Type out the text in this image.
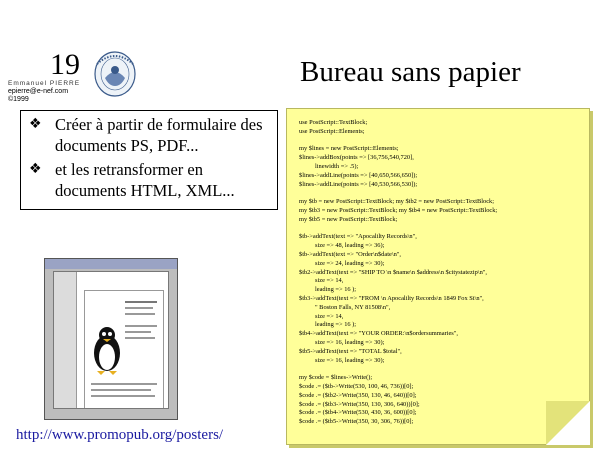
19
Emmanuel PIERRE
epierre@e-nef.com
©1999
Bureau sans papier
❖ Créer à partir de formulaire des documents PS, PDF...
❖ et les retransformer en documents HTML, XML...
http://www.promopub.org/posters/
use PostScript::TextBlock;
use PostScript::Elements;

my $lines = new PostScript::Elements;
$lines->addBox(points => [36,756,540,720],
linewidth => .5);
$lines->addLine(points => [40,650,566,650]);
$lines->addLine(points => [40,530,566,530]);

my $tb = new PostScript::TextBlock; my $tb2 = new PostScript::TextBlock;
my $tb3 = new PostScript::TextBlock; my $tb4 = new PostScript::TextBlock;
my $tb5 = new PostScript::TextBlock;

$tb->addText(text => "Apocalilty Records\n",
size => 48, leading => 36);
$tb->addText(text => "Order\n$date\n",
size => 24, leading => 30);
$tb2->addText(text => "SHIP TO \n $name\n $address\n $citystatezip\n",
size => 14,
leading => 16 );
$tb3->addText(text => "FROM \n Apocalilty Records\n 1849 Fox St\n",
" Boston Falls, NY 81508\n",
size => 14,
leading => 16 );
$tb4->addText(text => "YOUR ORDER:\n$ordersummaries",
size => 16, leading => 30);
$tb5->addText(text => "TOTAL $total",
size => 16, leading => 30);

my $code = $lines->Write();
$code .= ($tb->Write(530, 100, 46, 736))[0];
$code .= ($tb2->Write(350, 130, 46, 640))[0];
$code .= ($tb3->Write(350, 130, 306, 640))[0];
$code .= ($tb4->Write(530, 430, 36, 600))[0];
$code .= ($tb5->Write(350, 30, 306, 76))[0];
